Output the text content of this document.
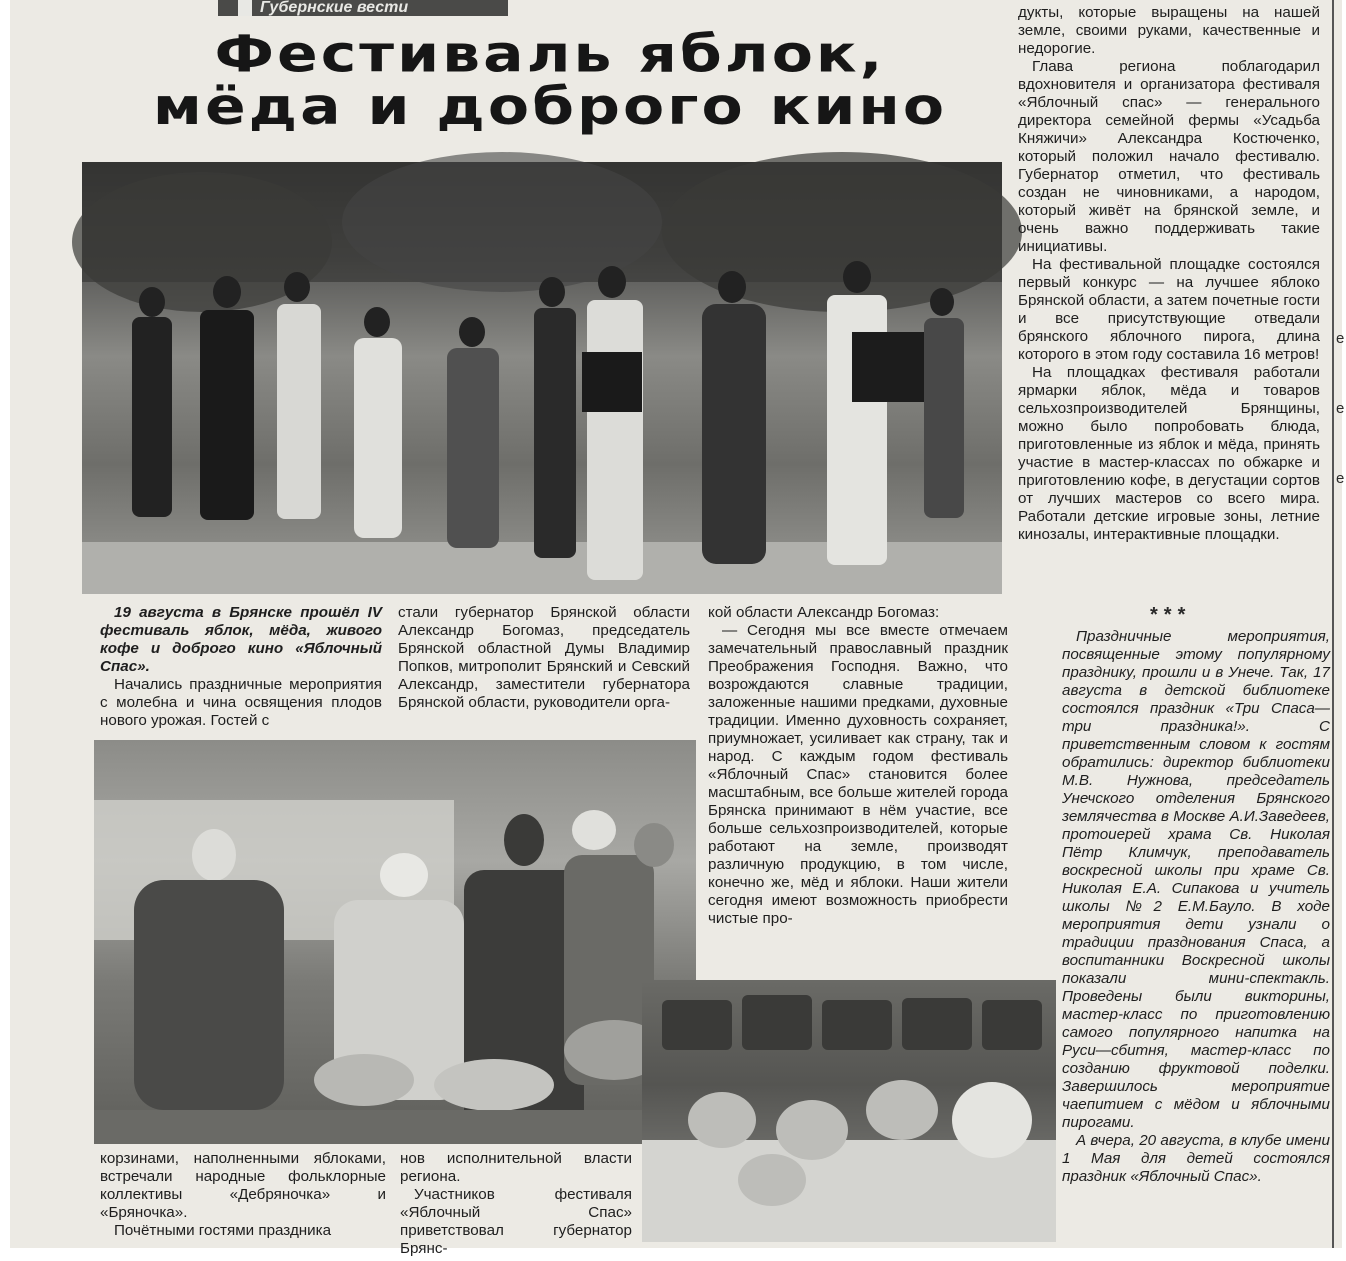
Губернские вести
Фестиваль яблок,
мёда и доброго кино

19 августа в Брянске прошёл IV фестиваль яблок, мёда, живого кофе и доброго кино «Яблочный Спас».

Начались праздничные мероприятия с молебна и чина освящения плодов нового урожая. Гостей с

стали губернатор Брянской области Александр Богомаз, председатель Брянской областной Думы Владимир Попков, митрополит Брянский и Севский Александр, заместители губернатора Брянской области, руководители орга-

кой области Александр Богомаз:

— Сегодня мы все вместе отмечаем замечательный православный праздник Преображения Господня. Важно, что возрождаются славные традиции, заложенные нашими предками, духовные традиции. Именно духовность сохраняет, приумножает, усиливает как страну, так и народ. С каждым годом фестиваль «Яблочный Спас» становится более масштабным, все больше жителей города Брянска принимают в нём участие, все больше сельхозпроизводителей, которые работают на земле, производят различную продукцию, в том числе, конечно же, мёд и яблоки. Наши жители сегодня имеют возможность приобрести чистые про-

корзинами, наполненными яблоками, встречали народные фольклорные коллективы «Дебряночка» и «Бряночка».

Почётными гостями праздника

нов исполнительной власти региона.

Участников фестиваля «Яблочный Спас» приветствовал губернатор Брянс-

дукты, которые выращены на нашей земле, своими руками, качественные и недорогие.

Глава региона поблагодарил вдохновителя и организатора фестиваля «Яблочный спас» — генерального директора семейной фермы «Усадьба Княжичи» Александра Костюченко, который положил начало фестивалю. Губернатор отметил, что фестиваль создан не чиновниками, а народом, который живёт на брянской земле, и очень важно поддерживать такие инициативы.

На фестивальной площадке состоялся первый конкурс — на лучшее яблоко Брянской области, а затем почетные гости и все присутствующие отведали брянского яблочного пирога, длина которого в этом году составила 16 метров!

На площадках фестиваля работали ярмарки яблок, мёда и товаров сельхозпроизводителей Брянщины, можно было попробовать блюда, приготовленные из яблок и мёда, принять участие в мастер-классах по обжарке и приготовлению кофе, в дегустации сортов от лучших мастеров со всего мира. Работали детские игровые зоны, летние кинозалы, интерактивные площадки.

***

Праздничные мероприятия, посвященные этому популярному празднику, прошли и в Унече. Так, 17 августа в детской библиотеке состоялся праздник «Три Спаса— три праздника!». С приветственным словом к гостям обратились: директор библиотеки М.В. Нужнова, председатель Унечского отделения Брянского землячества в Москве А.И.Заведеев, протоиерей храма Св. Николая Пётр Климчук, преподаватель воскресной школы при храме Св. Николая Е.А. Сипакова и учитель школы №2 Е.М.Бауло. В ходе мероприятия дети узнали о традиции празднования Спаса, а воспитанники Воскресной школы показали мини-спектакль. Проведены были викторины, мастер-класс по приготовлению самого популярного напитка на Руси—сбитня, мастер-класс по созданию фруктовой поделки. Завершилось мероприятие чаепитием с мёдом и яблочными пирогами.

А вчера, 20 августа, в клубе имени 1 Мая для детей состоялся праздник «Яблочный Спас».

е
е
е
